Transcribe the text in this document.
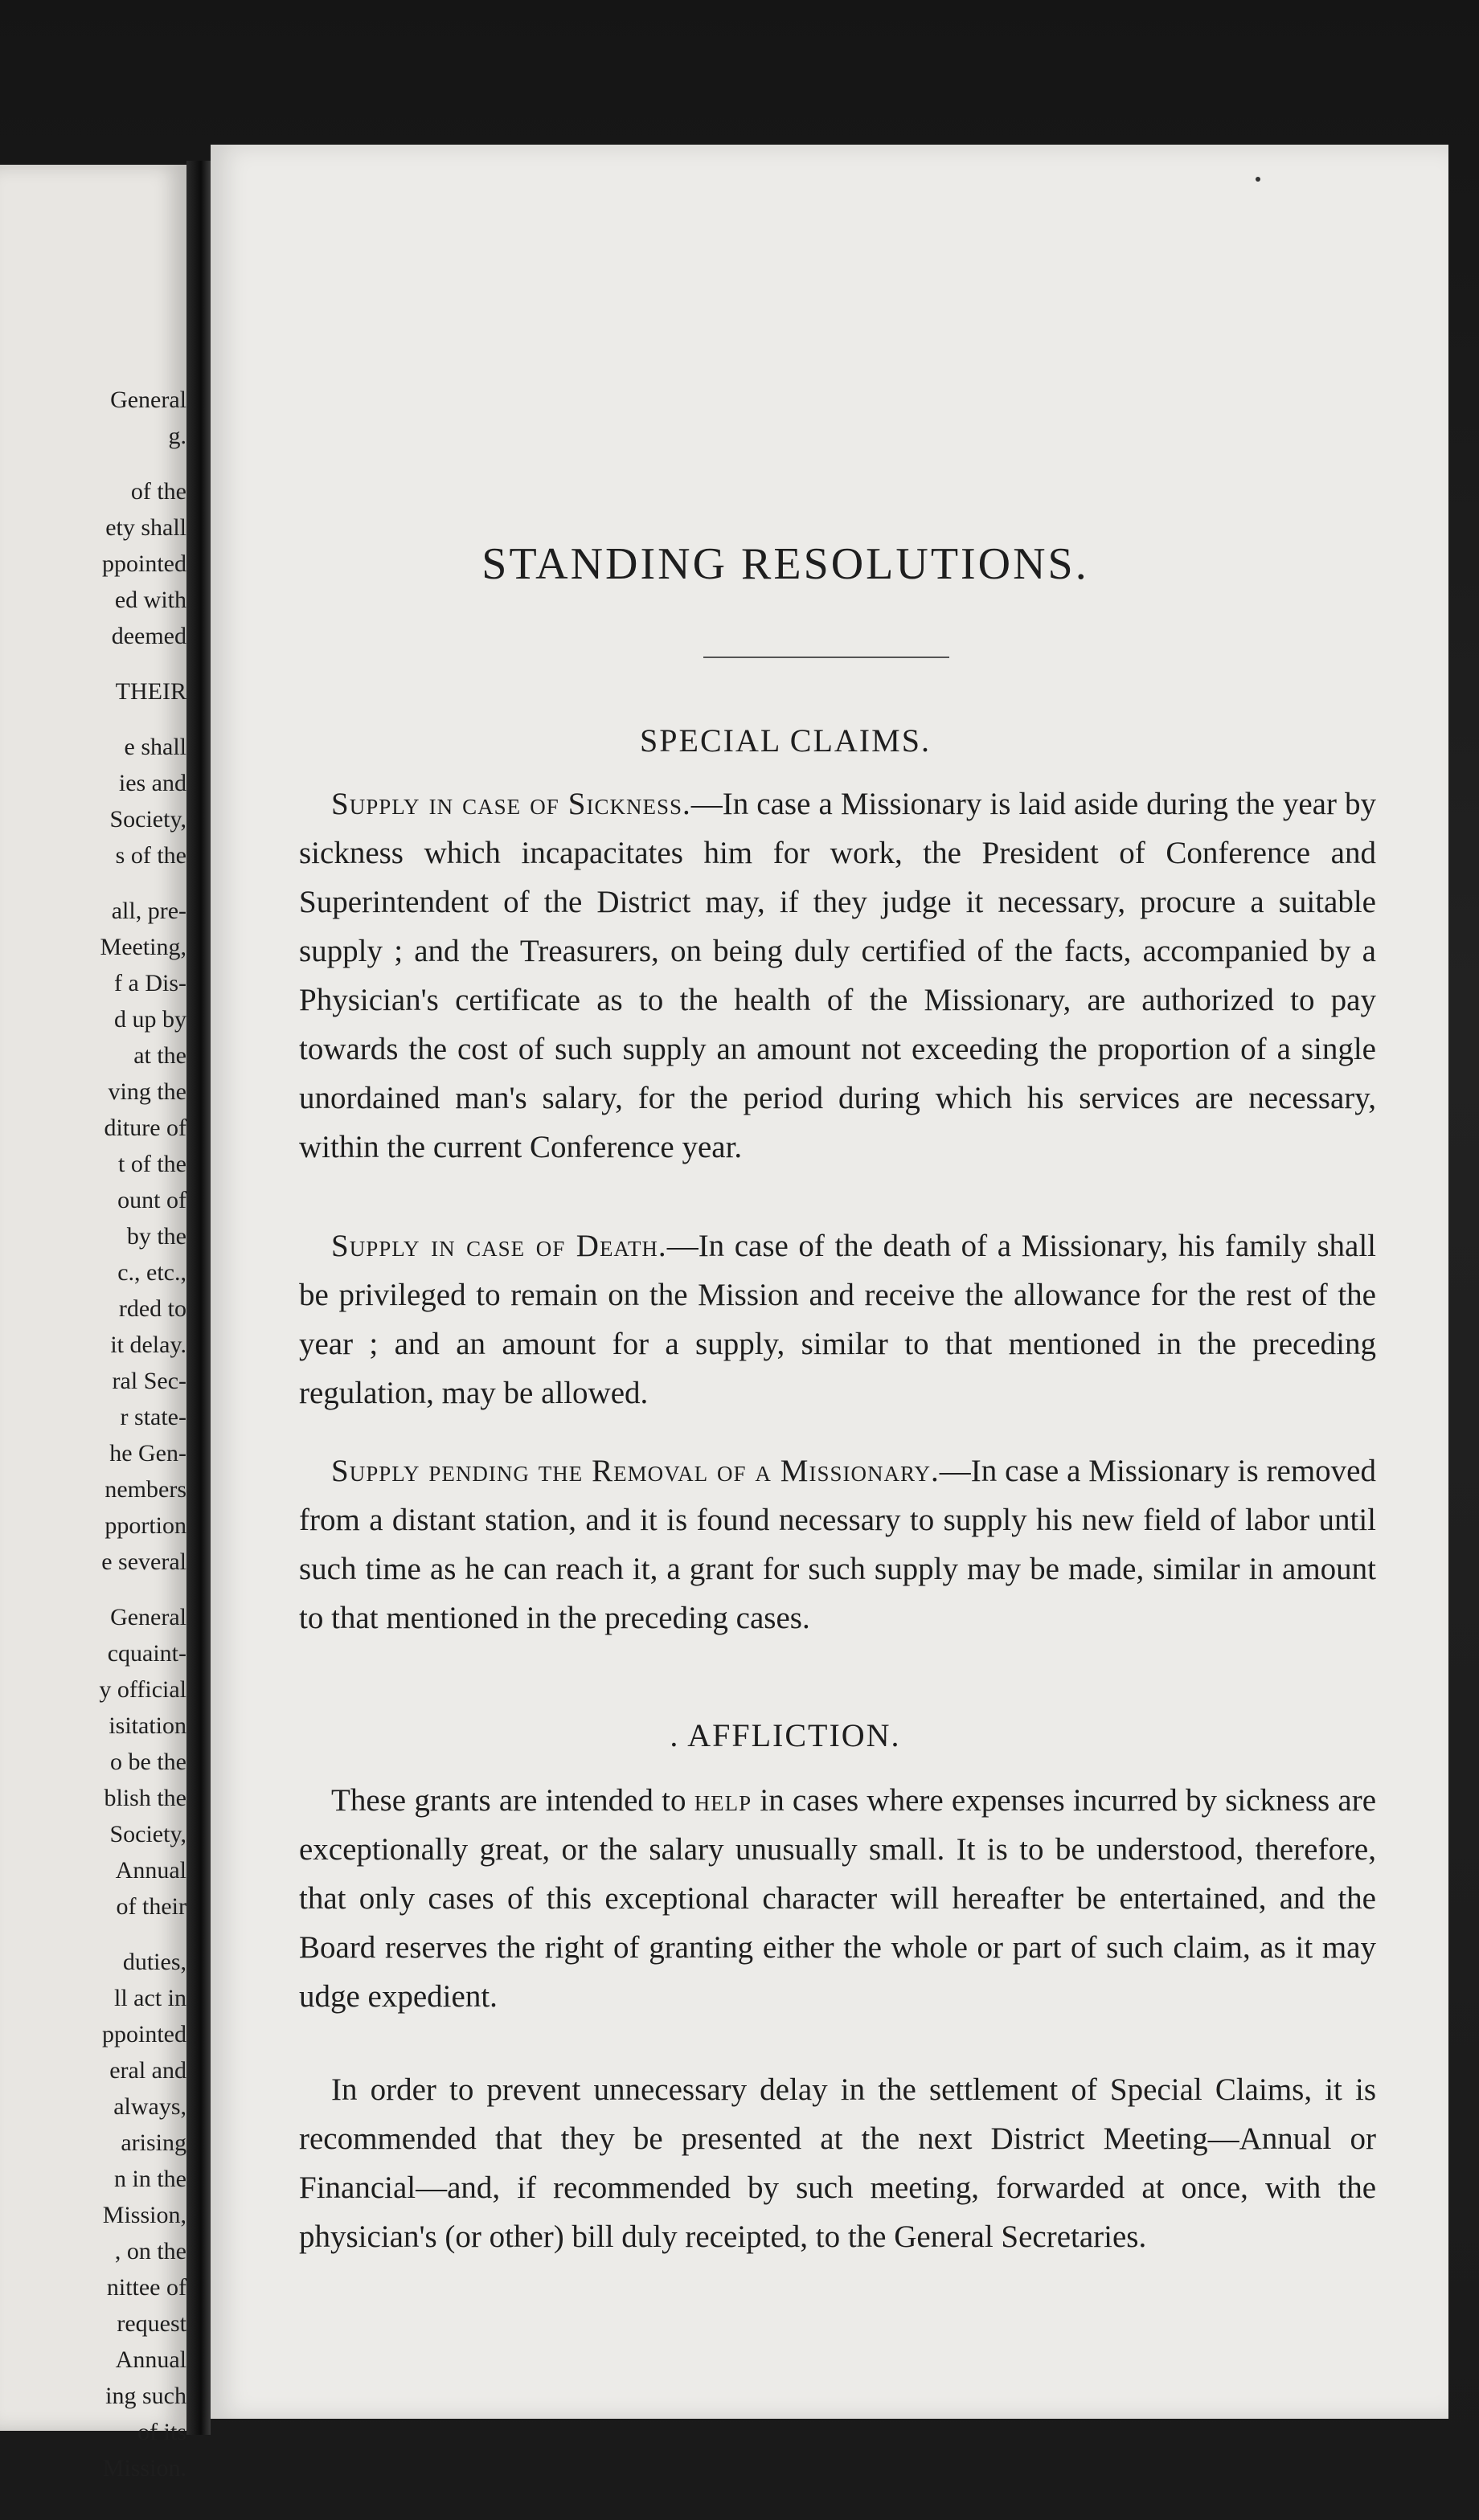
General
g.
of the
ety shall
ppointed
ed with
deemed
THEIR
e shall
ies and
Society,
s of the
all, pre-
Meeting,
f a Dis-
d up by
at the
ving the
diture of
t of the
ount of
by the
c., etc.,
rded to
it delay.
ral Sec-
r state-
he Gen-
nembers
pportion
e several
General
cquaint-
y official
isitation
o be the
blish the
Society,
Annual
of their
duties,
ll act in
ppointed
eral and
always,
arising
n in the
Mission,
, on the
nittee of
request
Annual
ing such
of its
Mission.
STANDING RESOLUTIONS.
SPECIAL CLAIMS.

Supply in case of Sickness.—In case a Missionary is laid aside during the year by sickness which incapacitates him for work, the President of Conference and Superintendent of the District may, if they judge it necessary, procure a suitable supply ; and the Treasurers, on being duly certified of the facts, accompanied by a Physician's certificate as to the health of the Missionary, are authorized to pay towards the cost of such supply an amount not exceeding the proportion of a single unordained man's salary, for the period during which his services are necessary, within the current Conference year.

Supply in case of Death.—In case of the death of a Missionary, his family shall be privileged to remain on the Mission and receive the allowance for the rest of the year ; and an amount for a supply, similar to that mentioned in the preceding regulation, may be allowed.

Supply pending the Removal of a Missionary.—In case a Missionary is removed from a distant station, and it is found necessary to supply his new field of labor until such time as he can reach it, a grant for such supply may be made, similar in amount to that mentioned in the preceding cases.

. AFFLICTION.

These grants are intended to help in cases where expenses incurred by sickness are exceptionally great, or the salary unusually small. It is to be understood, therefore, that only cases of this exceptional character will hereafter be entertained, and the Board reserves the right of granting either the whole or part of such claim, as it may udge expedient.

In order to prevent unnecessary delay in the settlement of Special Claims, it is recommended that they be presented at the next District Meeting—Annual or Financial—and, if recommended by such meeting, forwarded at once, with the physician's (or other) bill duly receipted, to the General Secretaries.
